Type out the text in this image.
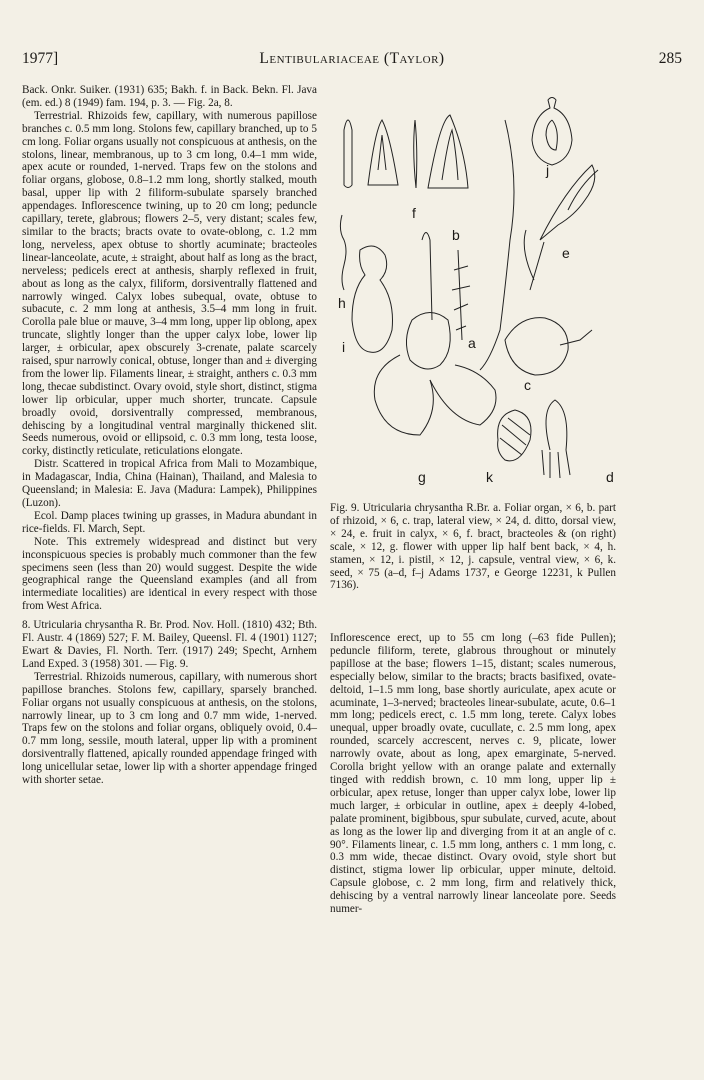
1977]	Lentibulariaceae (Taylor)	285

Back. Onkr. Suiker. (1931) 635; Bakh. f. in Back. Bekn. Fl. Java (em. ed.) 8 (1949) fam. 194, p. 3. — Fig. 2a, 8.

Terrestrial. Rhizoids few, capillary, with numerous papillose branches c. 0.5 mm long. Stolons few, capillary branched, up to 5 cm long. Foliar organs usually not conspicuous at anthesis, on the stolons, linear, membranous, up to 3 cm long, 0.4–1 mm wide, apex acute or rounded, 1-nerved. Traps few on the stolons and foliar organs, globose, 0.8–1.2 mm long, shortly stalked, mouth basal, upper lip with 2 filiform-subulate sparsely branched appendages. Inflorescence twining, up to 20 cm long; peduncle capillary, terete, glabrous; flowers 2–5, very distant; scales few, similar to the bracts; bracts ovate to ovate-oblong, c. 1.2 mm long, nerveless, apex obtuse to shortly acuminate; bracteoles linear-lanceolate, acute, ± straight, about half as long as the bract, nerveless; pedicels erect at anthesis, sharply reflexed in fruit, about as long as the calyx, filiform, dorsiventrally flattened and narrowly winged. Calyx lobes subequal, ovate, obtuse to subacute, c. 2 mm long at anthesis, 3.5–4 mm long in fruit. Corolla pale blue or mauve, 3–4 mm long, upper lip oblong, apex truncate, slightly longer than the upper calyx lobe, lower lip larger, ± orbicular, apex obscurely 3-crenate, palate scarcely raised, spur narrowly conical, obtuse, longer than and ± diverging from the lower lip. Filaments linear, ± straight, anthers c. 0.3 mm long, thecae subdistinct. Ovary ovoid, style short, distinct, stigma lower lip orbicular, upper much shorter, truncate. Capsule broadly ovoid, dorsiventrally compressed, membranous, dehiscing by a longitudinal ventral marginally thickened slit. Seeds numerous, ovoid or ellipsoid, c. 0.3 mm long, testa loose, corky, distinctly reticulate, reticulations elongate.

Distr. Scattered in tropical Africa from Mali to Mozambique, in Madagascar, India, China (Hainan), Thailand, and Malesia to Queensland; in Malesia: E. Java (Madura: Lampek), Philippines (Luzon).

Ecol. Damp places twining up grasses, in Madura abundant in rice-fields. Fl. March, Sept.

Note. This extremely widespread and distinct but very inconspicuous species is probably much commoner than the few specimens seen (less than 20) would suggest. Despite the wide geographical range the Queensland examples (and all from intermediate localities) are identical in every respect with those from West Africa.

8. Utricularia chrysantha R. Br. Prod. Nov. Holl. (1810) 432; Bth. Fl. Austr. 4 (1869) 527; F. M. Bailey, Queensl. Fl. 4 (1901) 1127; Ewart & Davies, Fl. North. Terr. (1917) 249; Specht, Arnhem Land Exped. 3 (1958) 301. — Fig. 9.

Terrestrial. Rhizoids numerous, capillary, with numerous short papillose branches. Stolons few, capillary, sparsely branched. Foliar organs not usually conspicuous at anthesis, on the stolons, narrowly linear, up to 3 cm long and 0.7 mm wide, 1-nerved. Traps few on the stolons and foliar organs, obliquely ovoid, 0.4–0.7 mm long, sessile, mouth lateral, upper lip with a prominent dorsiventrally flattened, apically rounded appendage fringed with long unicellular setae, lower lip with a shorter appendage fringed with shorter setae.

f
j
e
b
h
i	a
c
g	k	d

Fig. 9. Utricularia chrysantha R.Br. a. Foliar organ, × 6, b. part of rhizoid, × 6, c. trap, lateral view, × 24, d. ditto, dorsal view, × 24, e. fruit in calyx, × 6, f. bract, bracteoles & (on right) scale, × 12, g. flower with upper lip half bent back, × 4, h. stamen, × 12, i. pistil, × 12, j. capsule, ventral view, × 6, k. seed, × 75 (a–d, f–j Adams 1737, e George 12231, k Pullen 7136).

Inflorescence erect, up to 55 cm long (–63 fide Pullen); peduncle filiform, terete, glabrous throughout or minutely papillose at the base; flowers 1–15, distant; scales numerous, especially below, similar to the bracts; bracts basifixed, ovate-deltoid, 1–1.5 mm long, base shortly auriculate, apex acute or acuminate, 1–3-nerved; bracteoles linear-subulate, acute, 0.6–1 mm long; pedicels erect, c. 1.5 mm long, terete. Calyx lobes unequal, upper broadly ovate, cucullate, c. 2.5 mm long, apex rounded, scarcely accrescent, nerves c. 9, plicate, lower narrowly ovate, about as long, apex emarginate, 5-nerved. Corolla bright yellow with an orange palate and externally tinged with reddish brown, c. 10 mm long, upper lip ± orbicular, apex retuse, longer than upper calyx lobe, lower lip much larger, ± orbicular in outline, apex ± deeply 4-lobed, palate prominent, bigibbous, spur subulate, curved, acute, about as long as the lower lip and diverging from it at an angle of c. 90°. Filaments linear, c. 1.5 mm long, anthers c. 1 mm long, c. 0.3 mm wide, thecae distinct. Ovary ovoid, style short but distinct, stigma lower lip orbicular, upper minute, deltoid. Capsule globose, c. 2 mm long, firm and relatively thick, dehiscing by a ventral narrowly linear lanceolate pore. Seeds numer-
